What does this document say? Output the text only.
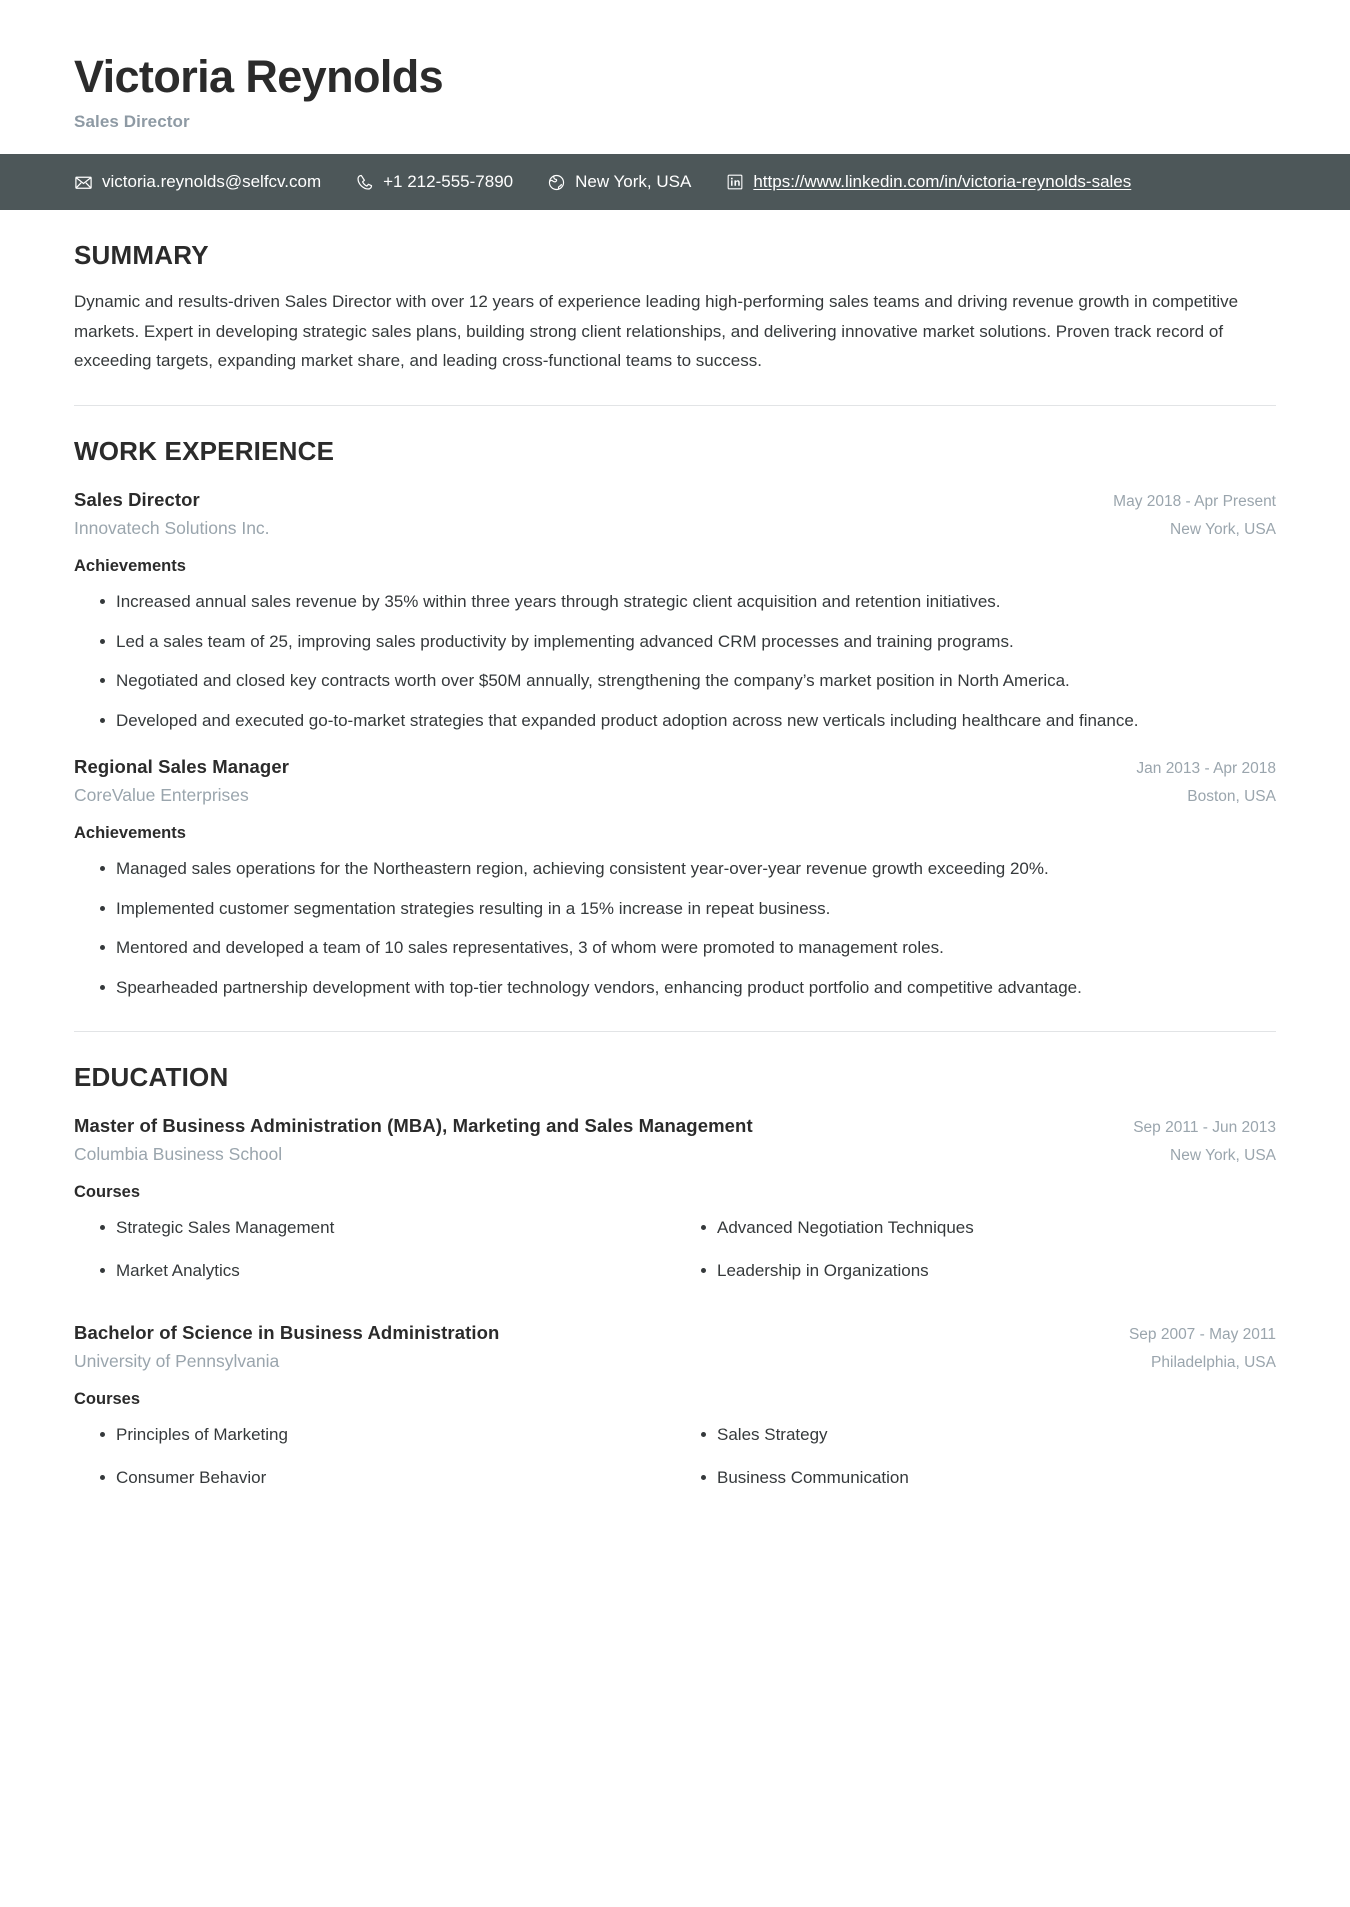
Victoria Reynolds
Sales Director
victoria.reynolds@selfcv.com	+1 212-555-7890	New York, USA	https://www.linkedin.com/in/victoria-reynolds-sales
SUMMARY
Dynamic and results-driven Sales Director with over 12 years of experience leading high-performing sales teams and driving revenue growth in competitive markets. Expert in developing strategic sales plans, building strong client relationships, and delivering innovative market solutions. Proven track record of exceeding targets, expanding market share, and leading cross-functional teams to success.
WORK EXPERIENCE
Sales Director	May 2018 - Apr Present
Innovatech Solutions Inc.	New York, USA
Achievements
Increased annual sales revenue by 35% within three years through strategic client acquisition and retention initiatives.
Led a sales team of 25, improving sales productivity by implementing advanced CRM processes and training programs.
Negotiated and closed key contracts worth over $50M annually, strengthening the company’s market position in North America.
Developed and executed go-to-market strategies that expanded product adoption across new verticals including healthcare and finance.
Regional Sales Manager	Jan 2013 - Apr 2018
CoreValue Enterprises	Boston, USA
Achievements
Managed sales operations for the Northeastern region, achieving consistent year-over-year revenue growth exceeding 20%.
Implemented customer segmentation strategies resulting in a 15% increase in repeat business.
Mentored and developed a team of 10 sales representatives, 3 of whom were promoted to management roles.
Spearheaded partnership development with top-tier technology vendors, enhancing product portfolio and competitive advantage.
EDUCATION
Master of Business Administration (MBA), Marketing and Sales Management	Sep 2011 - Jun 2013
Columbia Business School	New York, USA
Courses
Strategic Sales Management	Advanced Negotiation Techniques
Market Analytics	Leadership in Organizations
Bachelor of Science in Business Administration	Sep 2007 - May 2011
University of Pennsylvania	Philadelphia, USA
Courses
Principles of Marketing	Sales Strategy
Consumer Behavior	Business Communication
